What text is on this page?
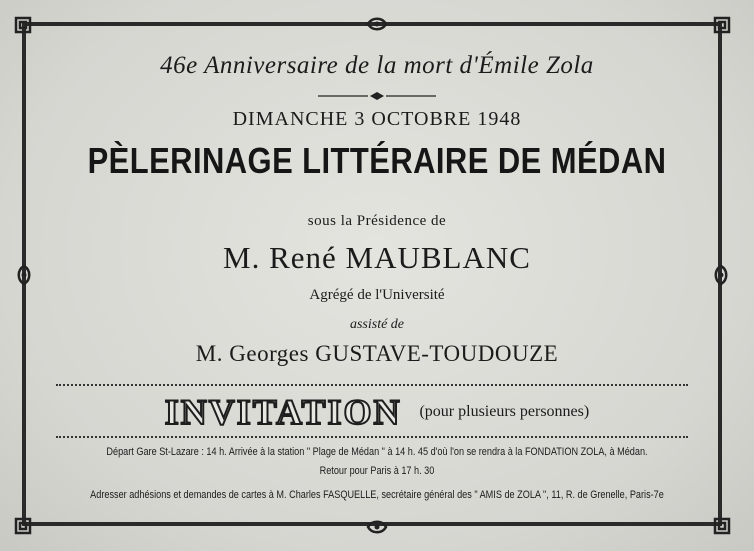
46e Anniversaire de la mort d'Émile Zola
DIMANCHE 3 OCTOBRE 1948
PÈLERINAGE LITTÉRAIRE DE MÉDAN
sous la Présidence de
M. René MAUBLANC
Agrégé de l'Université
assisté de
M. Georges GUSTAVE-TOUDOUZE
INVITATION (pour plusieurs personnes)
Départ Gare St-Lazare : 14 h. Arrivée à la station " Plage de Médan " à 14 h. 45 d'où l'on se rendra à la FONDATION ZOLA, à Médan.
Retour pour Paris à 17 h. 30
Adresser adhésions et demandes de cartes à M. Charles FASQUELLE, secrétaire général des " AMIS de ZOLA ", 11, R. de Grenelle, Paris-7e
